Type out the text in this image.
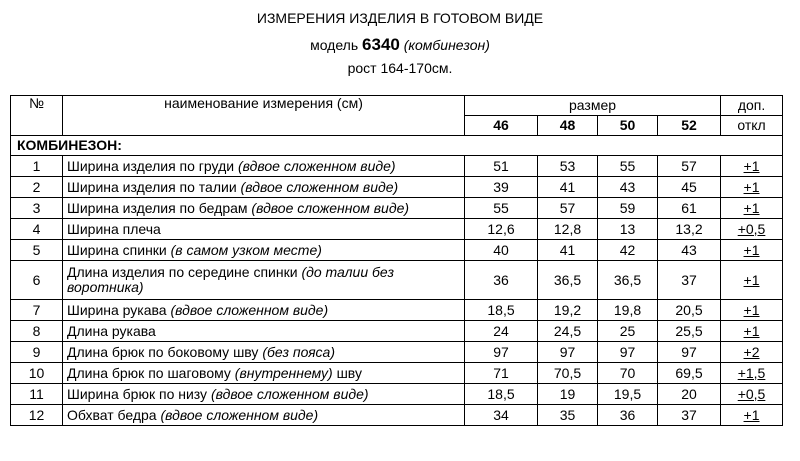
ИЗМЕРЕНИЯ ИЗДЕЛИЯ В ГОТОВОМ ВИДЕ
модель 6340 (комбинезон)
рост 164-170см.
№	наименование измерения (см)	размер				доп.
		46	48	50	52	откл
КОМБИНЕЗОН:						
1	Ширина изделия по груди (вдвое сложенном виде)	51	53	55	57	+1
2	Ширина изделия по талии (вдвое сложенном виде)	39	41	43	45	+1
3	Ширина изделия по бедрам (вдвое сложенном виде)	55	57	59	61	+1
4	Ширина плеча	12,6	12,8	13	13,2	+0,5
5	Ширина спинки (в самом узком месте)	40	41	42	43	+1
6	Длина изделия по середине спинки (до талии без воротника)	36	36,5	36,5	37	+1
7	Ширина рукава (вдвое сложенном виде)	18,5	19,2	19,8	20,5	+1
8	Длина рукава	24	24,5	25	25,5	+1
9	Длина брюк по боковому шву (без пояса)	97	97	97	97	+2
10	Длина брюк по шаговому (внутреннему) шву	71	70,5	70	69,5	+1,5
11	Ширина брюк по низу (вдвое сложенном виде)	18,5	19	19,5	20	+0,5
12	Обхват бедра (вдвое сложенном виде)	34	35	36	37	+1
